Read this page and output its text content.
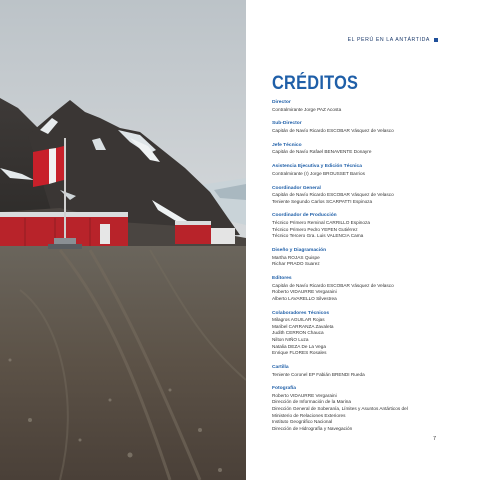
EL PERÚ EN LA ANTÁRTIDA
CRÉDITOS
Director
Contralmirante Jorge PAZ Acosta
Sub-Director
Capitán de Navío Ricardo ESCOBAR Vásquez de Velasco
Jefe Técnico
Capitán de Navío Rafael BENAVENTE Donayre
Asistencia Ejecutiva y Edición Técnica
Contralmirante (r) Jorge BROUSSET Barrios
Coordinador General
Capitán de Navío Ricardo ESCOBAR Vásquez de Velasco
Teniente Segundo Carlos SCARPATTI Espinoza
Coordinador de Producción
Técnico Primero Reminal CARRILLO Espinoza
Técnico Primero Pedro YEPEN Gutiérrez
Técnico Tercero Gra. Luis VALENCIA Cama
Diseño y Diagramación
Martha ROJAS Quispe
Richar PRADO Suarez
Editores
Capitán de Navío Ricardo ESCOBAR Vásquez de Velasco
Roberto VIDAURRE Vergaraini
Alberto LAVARELLO Silvestrea
Colaboradores Técnicos
Milagros AGUILAR Rojas
Maribel CARRANZA Zavaleta
Judith CERRON Chauca
Nilton NIÑO Luza
Natalia DEZA De La Vega
Enrique FLORES Rosales
Cartilla
Teniente Coronel EP Fabián BRENDI Rueda
Fotografía
Roberto VIDAURRE Vergaraini
Dirección de Información de la Marina
Dirección General de Soberanía, Límites y Asuntos Antárticos del
Ministerio de Relaciones Exteriores
Instituto Geográfico Nacional
Dirección de Hidrografía y Navegación
7
